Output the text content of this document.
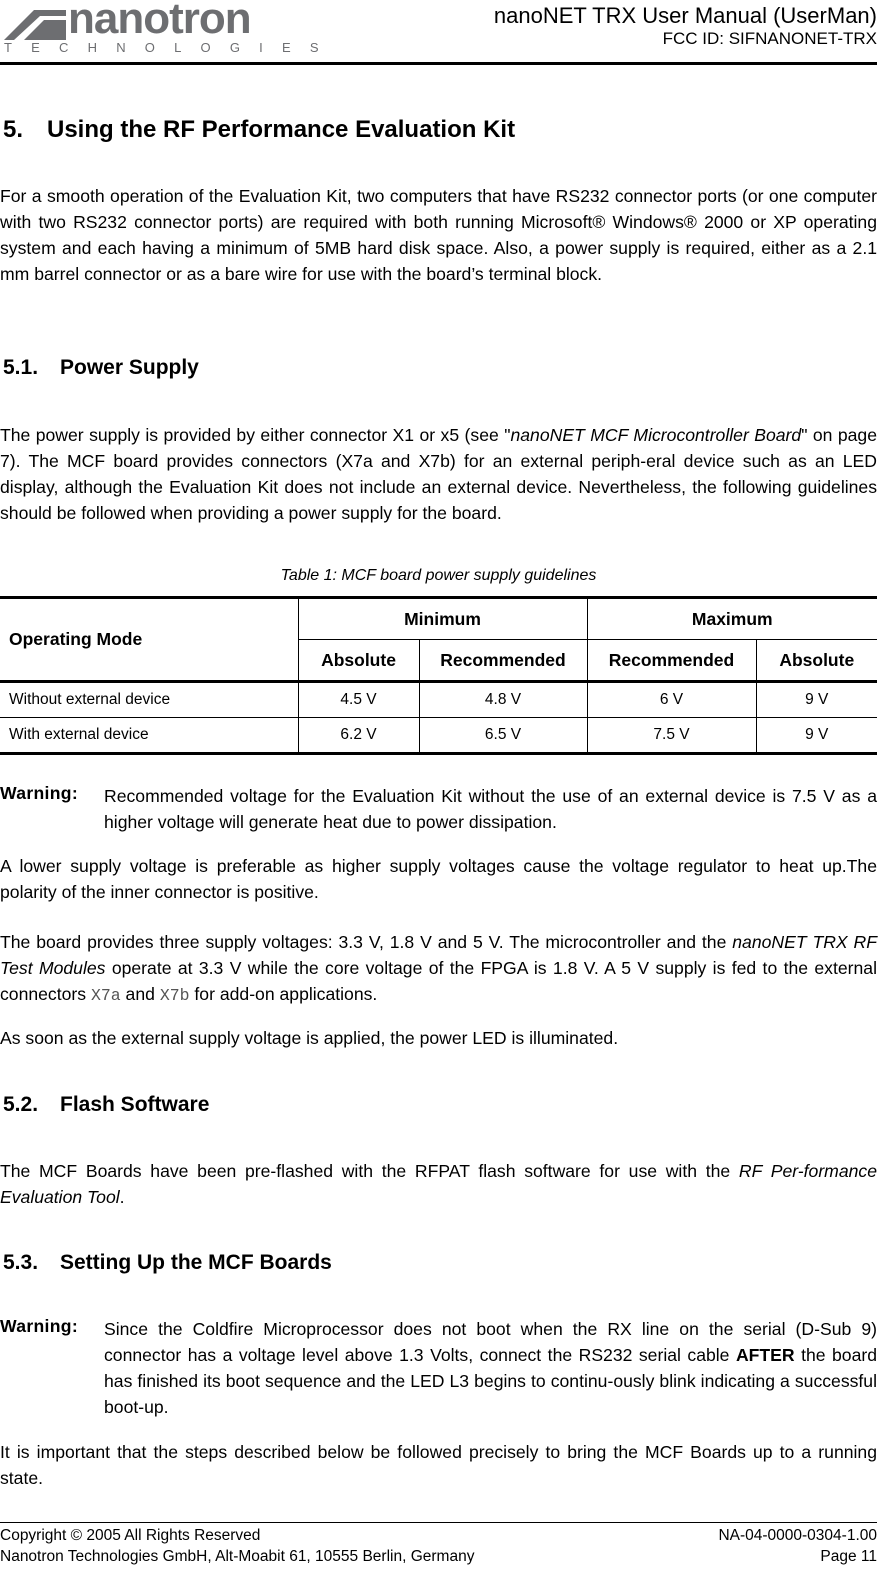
nanotron
TECHNOLOGIES
nanoNET TRX User Manual (UserMan)
FCC ID: SIFNANONET-TRX
5. Using the RF Performance Evaluation Kit
For a smooth operation of the Evaluation Kit, two computers that have RS232 connector ports (or one computer with two RS232 connector ports) are required with both running Microsoft® Windows® 2000 or XP operating system and each having a minimum of 5MB hard disk space. Also, a power supply is required, either as a 2.1 mm barrel connector or as a bare wire for use with the board’s terminal block.
5.1. Power Supply
The power supply is provided by either connector X1 or x5 (see "nanoNET MCF Microcontroller Board" on page 7). The MCF board provides connectors (X7a and X7b) for an external periph-eral device such as an LED display, although the Evaluation Kit does not include an external device. Nevertheless, the following guidelines should be followed when providing a power supply for the board.
Table 1: MCF board power supply guidelines
Operating Mode	Minimum		Maximum	
	Absolute	Recommended	Recommended	Absolute
Without external device	4.5 V	4.8 V	6 V	9 V
With external device	6.2 V	6.5 V	7.5 V	9 V
Warning: Recommended voltage for the Evaluation Kit without the use of an external device is 7.5 V as a higher voltage will generate heat due to power dissipation.
A lower supply voltage is preferable as higher supply voltages cause the voltage regulator to heat up.The polarity of the inner connector is positive.
The board provides three supply voltages: 3.3 V, 1.8 V and 5 V. The microcontroller and the nanoNET TRX RF Test Modules operate at 3.3 V while the core voltage of the FPGA is 1.8 V. A 5 V supply is fed to the external connectors X7a and X7b for add-on applications.
As soon as the external supply voltage is applied, the power LED is illuminated.
5.2. Flash Software
The MCF Boards have been pre-flashed with the RFPAT flash software for use with the RF Per-formance Evaluation Tool.
5.3. Setting Up the MCF Boards
Warning: Since the Coldfire Microprocessor does not boot when the RX line on the serial (D-Sub 9) connector has a voltage level above 1.3 Volts, connect the RS232 serial cable AFTER the board has finished its boot sequence and the LED L3 begins to continu-ously blink indicating a successful boot-up.
It is important that the steps described below be followed precisely to bring the MCF Boards up to a running state.
Copyright © 2005 All Rights Reserved
Nanotron Technologies GmbH, Alt-Moabit 61, 10555 Berlin, Germany
NA-04-0000-0304-1.00
Page 11
